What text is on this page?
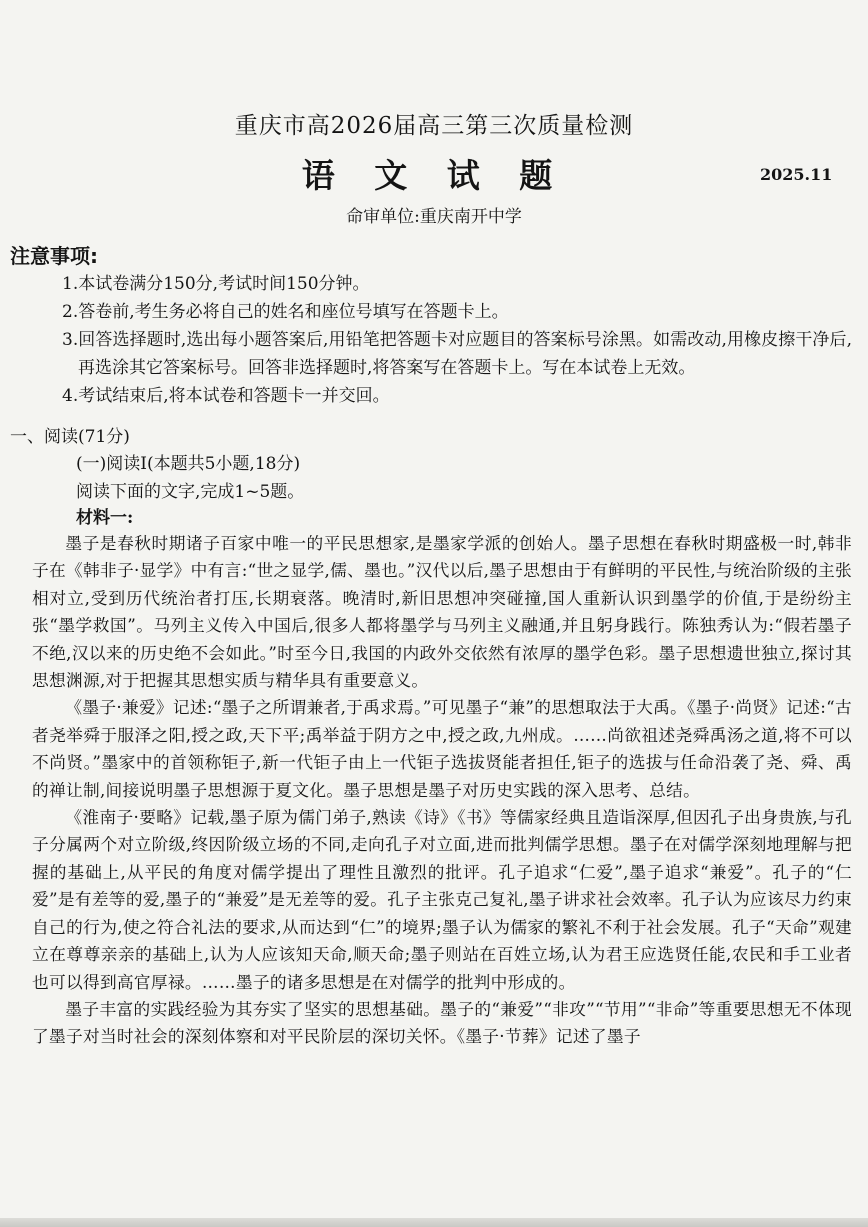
重庆市高2026届高三第三次质量检测
语 文 试 题	2025.11
命审单位:重庆南开中学
注意事项:

1.本试卷满分150分,考试时间150分钟。

2.答卷前,考生务必将自己的姓名和座位号填写在答题卡上。

3.回答选择题时,选出每小题答案后,用铅笔把答题卡对应题目的答案标号涂黑。如需改动,用橡皮擦干净后,再选涂其它答案标号。回答非选择题时,将答案写在答题卡上。写在本试卷上无效。

4.考试结束后,将本试卷和答题卡一并交回。

一、阅读(71分)
(一)阅读Ⅰ(本题共5小题,18分)
阅读下面的文字,完成1~5题。
材料一:

墨子是春秋时期诸子百家中唯一的平民思想家,是墨家学派的创始人。墨子思想在春秋时期盛极一时,韩非子在《韩非子·显学》中有言:“世之显学,儒、墨也。”汉代以后,墨子思想由于有鲜明的平民性,与统治阶级的主张相对立,受到历代统治者打压,长期衰落。晚清时,新旧思想冲突碰撞,国人重新认识到墨学的价值,于是纷纷主张“墨学救国”。马列主义传入中国后,很多人都将墨学与马列主义融通,并且躬身践行。陈独秀认为:“假若墨子不绝,汉以来的历史绝不会如此。”时至今日,我国的内政外交依然有浓厚的墨学色彩。墨子思想遗世独立,探讨其思想渊源,对于把握其思想实质与精华具有重要意义。

《墨子·兼爱》记述:“墨子之所谓兼者,于禹求焉。”可见墨子“兼”的思想取法于大禹。《墨子·尚贤》记述:“古者尧举舜于服泽之阳,授之政,天下平;禹举益于阴方之中,授之政,九州成。……尚欲祖述尧舜禹汤之道,将不可以不尚贤。”墨家中的首领称钜子,新一代钜子由上一代钜子选拔贤能者担任,钜子的选拔与任命沿袭了尧、舜、禹的禅让制,间接说明墨子思想源于夏文化。墨子思想是墨子对历史实践的深入思考、总结。

《淮南子·要略》记载,墨子原为儒门弟子,熟读《诗》《书》等儒家经典且造诣深厚,但因孔子出身贵族,与孔子分属两个对立阶级,终因阶级立场的不同,走向孔子对立面,进而批判儒学思想。墨子在对儒学深刻地理解与把握的基础上,从平民的角度对儒学提出了理性且激烈的批评。孔子追求“仁爱”,墨子追求“兼爱”。孔子的“仁爱”是有差等的爱,墨子的“兼爱”是无差等的爱。孔子主张克己复礼,墨子讲求社会效率。孔子认为应该尽力约束自己的行为,使之符合礼法的要求,从而达到“仁”的境界;墨子认为儒家的繁礼不利于社会发展。孔子“天命”观建立在尊尊亲亲的基础上,认为人应该知天命,顺天命;墨子则站在百姓立场,认为君王应选贤任能,农民和手工业者也可以得到高官厚禄。……墨子的诸多思想是在对儒学的批判中形成的。

墨子丰富的实践经验为其夯实了坚实的思想基础。墨子的“兼爱”“非攻”“节用”“非命”等重要思想无不体现了墨子对当时社会的深刻体察和对平民阶层的深切关怀。《墨子·节葬》记述了墨子
